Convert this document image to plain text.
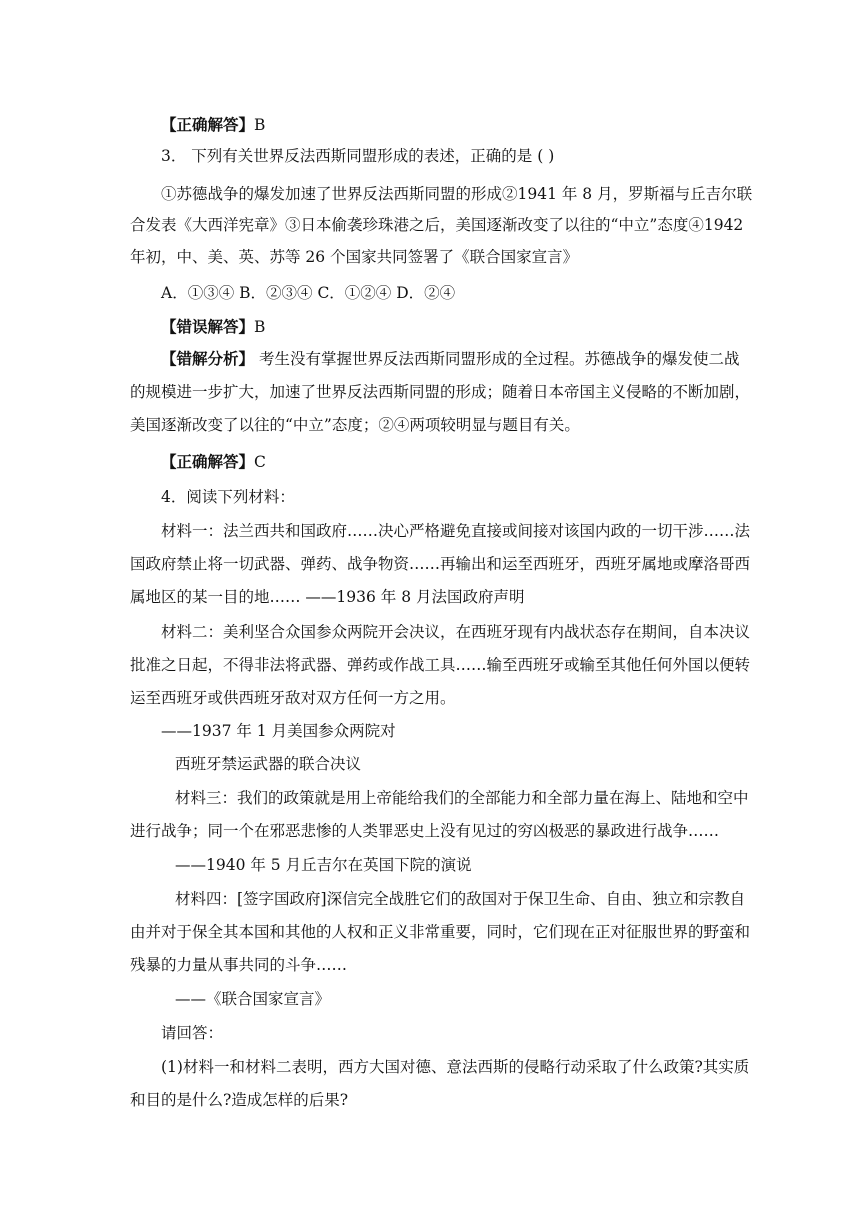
【正确解答】B
3． 下列有关世界反法西斯同盟形成的表述，正确的是 ( )
①苏德战争的爆发加速了世界反法西斯同盟的形成②1941 年 8 月，罗斯福与丘吉尔联
合发表《大西洋宪章》③日本偷袭珍珠港之后，美国逐渐改变了以往的“中立”态度④1942
年初，中、美、英、苏等 26 个国家共同签署了《联合国家宣言》
A．①③④ B．②③④ C．①②④ D．②④
【错误解答】B
【错解分析】 考生没有掌握世界反法西斯同盟形成的全过程。苏德战争的爆发使二战
的规模进一步扩大，加速了世界反法西斯同盟的形成；随着日本帝国主义侵略的不断加剧，
美国逐渐改变了以往的“中立”态度；②④两项较明显与题目有关。
【正确解答】C
4．阅读下列材料：
材料一：法兰西共和国政府……决心严格避免直接或间接对该国内政的一切干涉……法
国政府禁止将一切武器、弹药、战争物资……再输出和运至西班牙，西班牙属地或摩洛哥西
属地区的某一目的地…… ——1936 年 8 月法国政府声明
材料二：美利坚合众国参众两院开会决议，在西班牙现有内战状态存在期间，自本决议
批准之日起，不得非法将武器、弹药或作战工具……输至西班牙或输至其他任何外国以便转
运至西班牙或供西班牙敌对双方任何一方之用。
——1937 年 1 月美国参众两院对
西班牙禁运武器的联合决议
材料三：我们的政策就是用上帝能给我们的全部能力和全部力量在海上、陆地和空中
进行战争；同一个在邪恶悲惨的人类罪恶史上没有见过的穷凶极恶的暴政进行战争……
——1940 年 5 月丘吉尔在英国下院的演说
材料四：[签字国政府]深信完全战胜它们的敌国对于保卫生命、自由、独立和宗教自
由并对于保全其本国和其他的人权和正义非常重要，同时，它们现在正对征服世界的野蛮和
残暴的力量从事共同的斗争……
——《联合国家宣言》
请回答：
(1)材料一和材料二表明，西方大国对德、意法西斯的侵略行动采取了什么政策?其实质
和目的是什么?造成怎样的后果?
